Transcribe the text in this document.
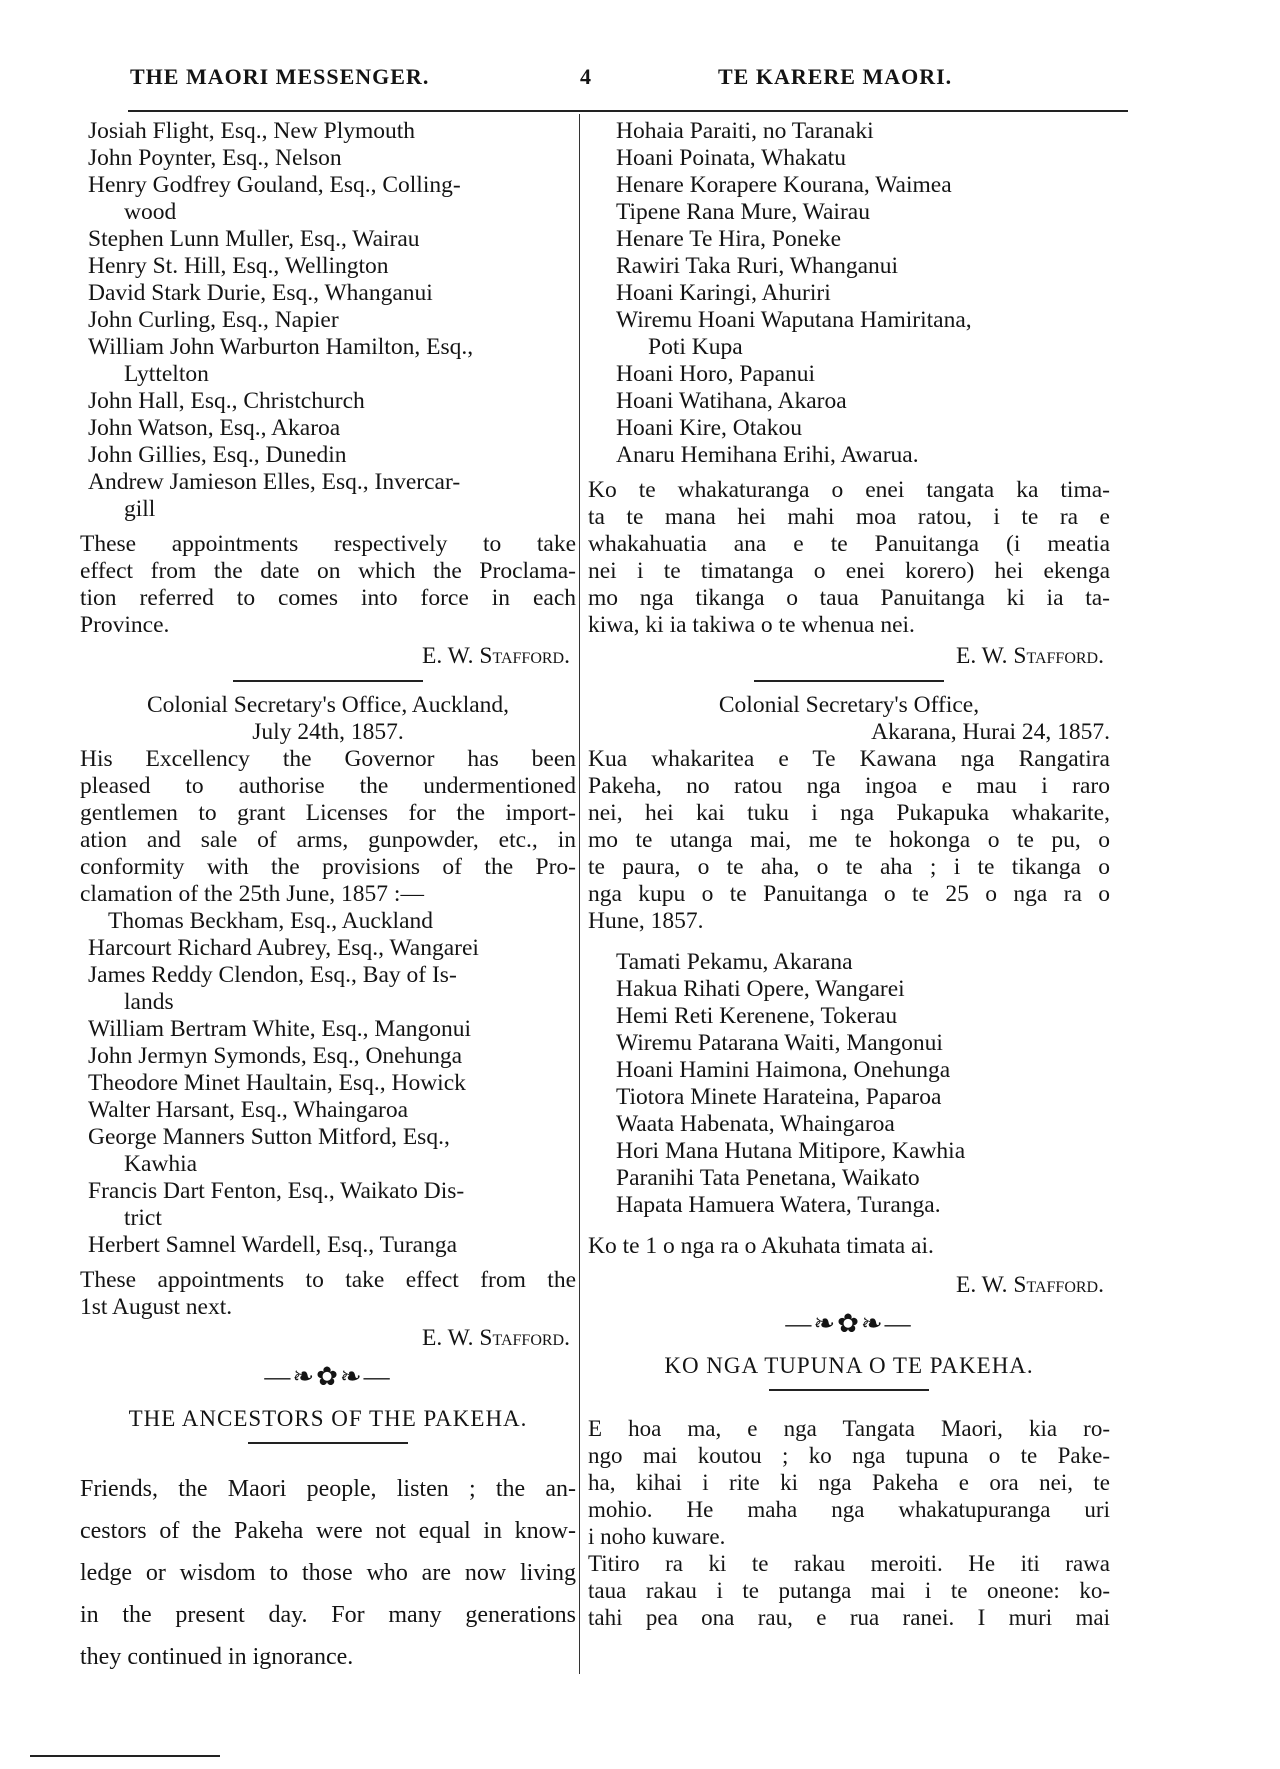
THE MAORI MESSENGER.	4	TE KARERE MAORI.
Josiah Flight, Esq., New Plymouth
John Poynter, Esq., Nelson
Henry Godfrey Gouland, Esq., Colling-
wood
Stephen Lunn Muller, Esq., Wairau
Henry St. Hill, Esq., Wellington
David Stark Durie, Esq., Whanganui
John Curling, Esq., Napier
William John Warburton Hamilton, Esq.,
Lyttelton
John Hall, Esq., Christchurch
John Watson, Esq., Akaroa
John Gillies, Esq., Dunedin
Andrew Jamieson Elles, Esq., Invercar-
gill
These appointments respectively to take
effect from the date on which the Proclama-
tion referred to comes into force in each
Province.
E. W. Stafford.
Colonial Secretary's Office, Auckland,
July 24th, 1857.
His Excellency the Governor has been
pleased to authorise the undermentioned
gentlemen to grant Licenses for the import-
ation and sale of arms, gunpowder, etc., in
conformity with the provisions of the Pro-
clamation of the 25th June, 1857 :—
Thomas Beckham, Esq., Auckland
Harcourt Richard Aubrey, Esq., Wangarei
James Reddy Clendon, Esq., Bay of Is-
lands
William Bertram White, Esq., Mangonui
John Jermyn Symonds, Esq., Onehunga
Theodore Minet Haultain, Esq., Howick
Walter Harsant, Esq., Whaingaroa
George Manners Sutton Mitford, Esq.,
Kawhia
Francis Dart Fenton, Esq., Waikato Dis-
trict
Herbert Samnel Wardell, Esq., Turanga
These appointments to take effect from the
1st August next.
E. W. Stafford.
—❧✿❧—
THE ANCESTORS OF THE PAKEHA.
Friends, the Maori people, listen ; the an-
cestors of the Pakeha were not equal in know-
ledge or wisdom to those who are now living
in the present day. For many generations
they continued in ignorance.
Hohaia Paraiti, no Taranaki
Hoani Poinata, Whakatu
Henare Korapere Kourana, Waimea
Tipene Rana Mure, Wairau
Henare Te Hira, Poneke
Rawiri Taka Ruri, Whanganui
Hoani Karingi, Ahuriri
Wiremu Hoani Waputana Hamiritana,
Poti Kupa
Hoani Horo, Papanui
Hoani Watihana, Akaroa
Hoani Kire, Otakou
Anaru Hemihana Erihi, Awarua.
Ko te whakaturanga o enei tangata ka tima-
ta te mana hei mahi moa ratou, i te ra e
whakahuatia ana e te Panuitanga (i meatia
nei i te timatanga o enei korero) hei ekenga
mo nga tikanga o taua Panuitanga ki ia ta-
kiwa, ki ia takiwa o te whenua nei.
E. W. Stafford.
Colonial Secretary's Office,
Akarana, Hurai 24, 1857.
Kua whakaritea e Te Kawana nga Rangatira
Pakeha, no ratou nga ingoa e mau i raro
nei, hei kai tuku i nga Pukapuka whakarite,
mo te utanga mai, me te hokonga o te pu, o
te paura, o te aha, o te aha ; i te tikanga o
nga kupu o te Panuitanga o te 25 o nga ra o
Hune, 1857.
Tamati Pekamu, Akarana
Hakua Rihati Opere, Wangarei
Hemi Reti Kerenene, Tokerau
Wiremu Patarana Waiti, Mangonui
Hoani Hamini Haimona, Onehunga
Tiotora Minete Harateina, Paparoa
Waata Habenata, Whaingaroa
Hori Mana Hutana Mitipore, Kawhia
Paranihi Tata Penetana, Waikato
Hapata Hamuera Watera, Turanga.
Ko te 1 o nga ra o Akuhata timata ai.
E. W. Stafford.
—❧✿❧—
KO NGA TUPUNA O TE PAKEHA.
E hoa ma, e nga Tangata Maori, kia ro-
ngo mai koutou ; ko nga tupuna o te Pake-
ha, kihai i rite ki nga Pakeha e ora nei, te
mohio. He maha nga whakatupuranga uri
i noho kuware.
Titiro ra ki te rakau meroiti. He iti rawa
taua rakau i te putanga mai i te oneone: ko-
tahi pea ona rau, e rua ranei. I muri mai
